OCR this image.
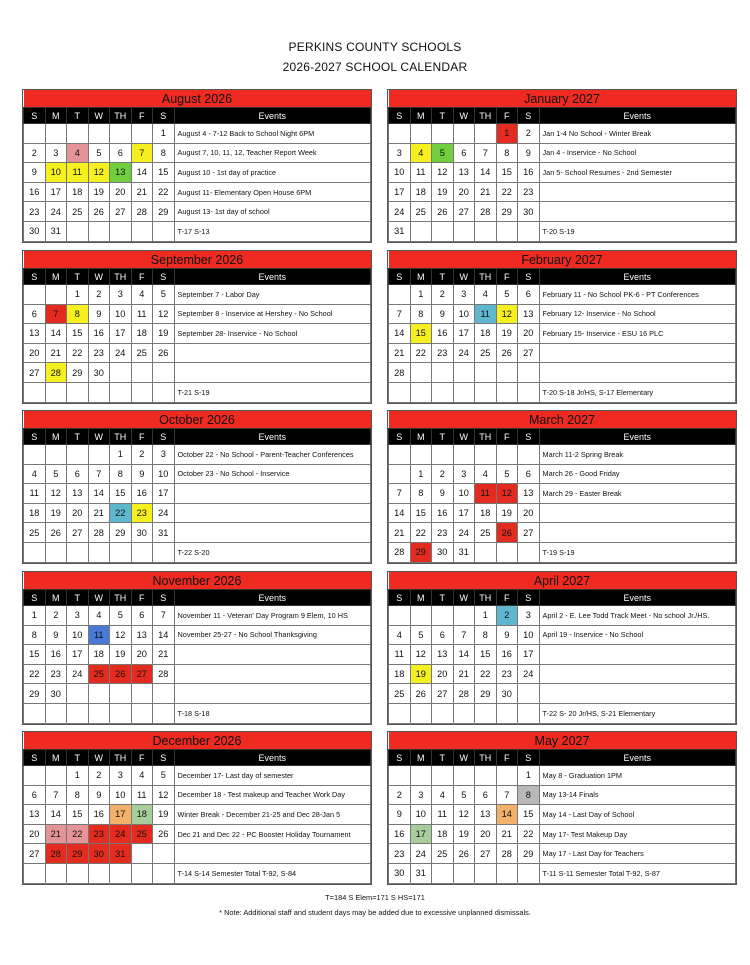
PERKINS COUNTY SCHOOLS
2026-2027 SCHOOL CALENDAR
August 2026							
S	M	T	W	TH	F	S	Events
						1	August 4 - 7-12 Back to School Night 6PM
2	3	4	5	6	7	8	August 7, 10, 11, 12, Teacher Report Week
9	10	11	12	13	14	15	August 10 - 1st day of practice
16	17	18	19	20	21	22	August 11- Elementary Open House 6PM
23	24	25	26	27	28	29	August 13- 1st day of school
30	31						T-17 S-13
January 2027							
S	M	T	W	TH	F	S	Events
					1	2	Jan 1-4 No School - Winter Break
3	4	5	6	7	8	9	Jan 4 - Inservice - No School
10	11	12	13	14	15	16	Jan 5- School Resumes - 2nd Semester
17	18	19	20	21	22	23	
24	25	26	27	28	29	30	
31							T-20 S-19
September 2026							
S	M	T	W	TH	F	S	Events
		1	2	3	4	5	September 7 - Labor Day
6	7	8	9	10	11	12	September 8 - Inservice at Hershey - No School
13	14	15	16	17	18	19	September 28- Inservice - No School
20	21	22	23	24	25	26	
27	28	29	30				
							T-21 S-19
February 2027							
S	M	T	W	TH	F	S	Events
	1	2	3	4	5	6	February 11 - No School PK-6 - PT Conferences
7	8	9	10	11	12	13	February 12- Inservice - No School
14	15	16	17	18	19	20	February 15- Inservice - ESU 16 PLC
21	22	23	24	25	26	27	
28							
							T-20 S-18 Jr/HS, S-17 Elementary
October 2026							
S	M	T	W	TH	F	S	Events
				1	2	3	October 22 - No School - Parent-Teacher Conferences
4	5	6	7	8	9	10	October 23 - No School - Inservice
11	12	13	14	15	16	17	
18	19	20	21	22	23	24	
25	26	27	28	29	30	31	
							T-22 S-20
March 2027							
S	M	T	W	TH	F	S	Events
							March 11-2 Spring Break
	1	2	3	4	5	6	March 26 - Good Friday
7	8	9	10	11	12	13	March 29 - Easter Break
14	15	16	17	18	19	20	
21	22	23	24	25	26	27	
28	29	30	31				T-19 S-19
November 2026							
S	M	T	W	TH	F	S	Events
1	2	3	4	5	6	7	November 11 - Veteran' Day Program 9 Elem, 10 HS
8	9	10	11	12	13	14	November 25-27 - No School Thanksgiving
15	16	17	18	19	20	21	
22	23	24	25	26	27	28	
29	30						
							T-18 S-18
April 2027							
S	M	T	W	TH	F	S	Events
				1	2	3	April 2 - E. Lee Todd Track Meet - No school Jr./HS.
4	5	6	7	8	9	10	April 19 - Inservice - No School
11	12	13	14	15	16	17	
18	19	20	21	22	23	24	
25	26	27	28	29	30		
							T-22 S- 20 Jr/HS, S-21 Elementary
December 2026							
S	M	T	W	TH	F	S	Events
		1	2	3	4	5	December 17- Last day of semester
6	7	8	9	10	11	12	December 18 - Test makeup and Teacher Work Day
13	14	15	16	17	18	19	Winter Break - December 21-25 and Dec 28-Jan 5
20	21	22	23	24	25	26	Dec 21 and Dec 22 - PC Booster Holiday Tournament
27	28	29	30	31			
							T-14 S-14 Semester Total T-92, S-84
May 2027							
S	M	T	W	TH	F	S	Events
						1	May 8 - Graduation 1PM
2	3	4	5	6	7	8	May 13-14 Finals
9	10	11	12	13	14	15	May 14 - Last Day of School
16	17	18	19	20	21	22	May 17- Test Makeup Day
23	24	25	26	27	28	29	May 17 - Last Day for Teachers
30	31						T-11 S-11 Semester Total T-92, S-87
T=184 S Elem=171 S HS=171
* Note: Additional staff and student days may be added due to excessive unplanned dismissals.
